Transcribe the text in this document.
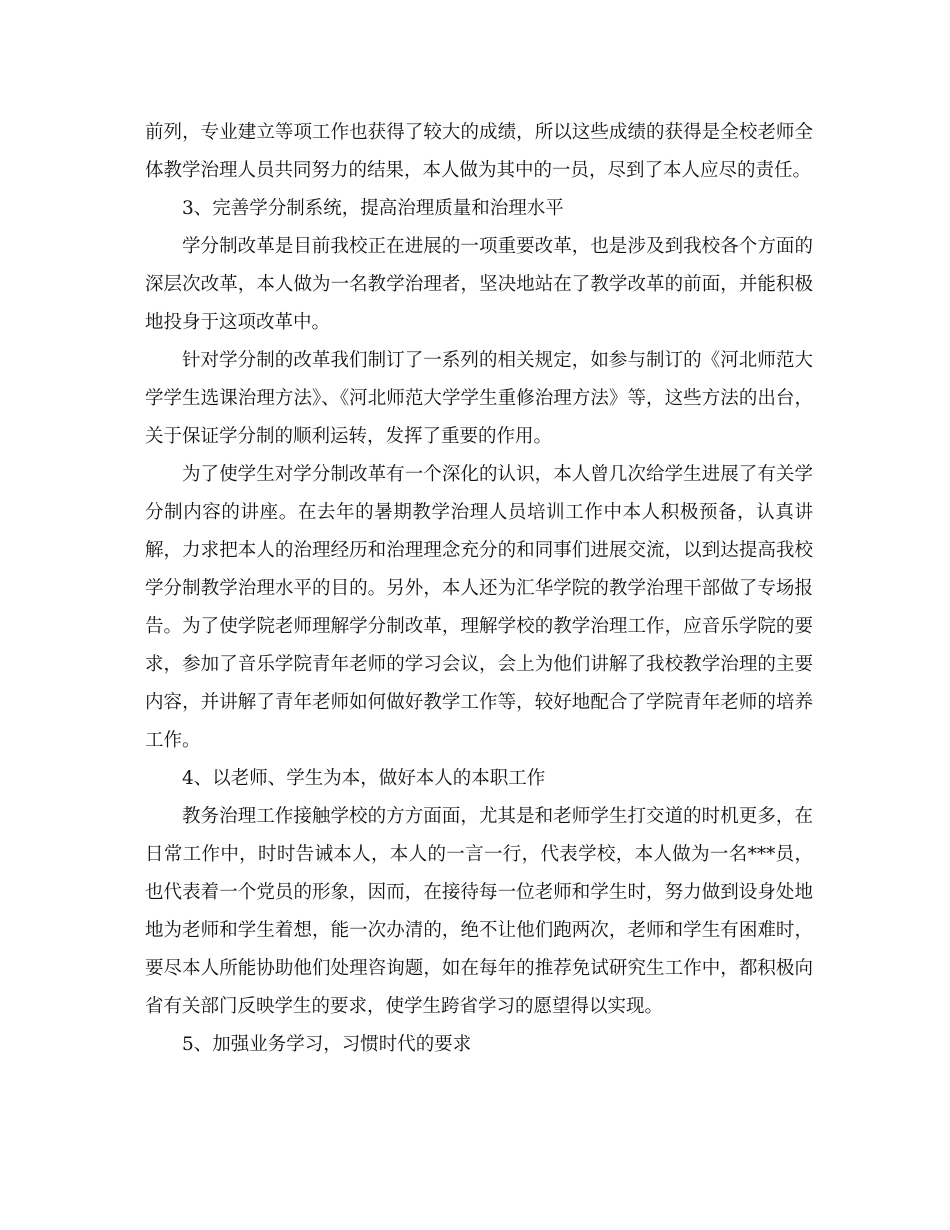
前列，专业建立等项工作也获得了较大的成绩，所以这些成绩的获得是全校老师全体教学治理人员共同努力的结果，本人做为其中的一员，尽到了本人应尽的责任。

3、完善学分制系统，提高治理质量和治理水平

学分制改革是目前我校正在进展的一项重要改革，也是涉及到我校各个方面的深层次改革，本人做为一名教学治理者，坚决地站在了教学改革的前面，并能积极地投身于这项改革中。

针对学分制的改革我们制订了一系列的相关规定，如参与制订的《河北师范大学学生选课治理方法》、《河北师范大学学生重修治理方法》等，这些方法的出台，关于保证学分制的顺利运转，发挥了重要的作用。

为了使学生对学分制改革有一个深化的认识，本人曾几次给学生进展了有关学分制内容的讲座。在去年的暑期教学治理人员培训工作中本人积极预备，认真讲解，力求把本人的治理经历和治理理念充分的和同事们进展交流，以到达提高我校学分制教学治理水平的目的。另外，本人还为汇华学院的教学治理干部做了专场报告。为了使学院老师理解学分制改革，理解学校的教学治理工作，应音乐学院的要求，参加了音乐学院青年老师的学习会议，会上为他们讲解了我校教学治理的主要内容，并讲解了青年老师如何做好教学工作等，较好地配合了学院青年老师的培养工作。

4、以老师、学生为本，做好本人的本职工作

教务治理工作接触学校的方方面面，尤其是和老师学生打交道的时机更多，在日常工作中，时时告诫本人，本人的一言一行，代表学校，本人做为一名***员，也代表着一个党员的形象，因而，在接待每一位老师和学生时，努力做到设身处地地为老师和学生着想，能一次办清的，绝不让他们跑两次，老师和学生有困难时，要尽本人所能协助他们处理咨询题，如在每年的推荐免试研究生工作中，都积极向省有关部门反映学生的要求，使学生跨省学习的愿望得以实现。

5、加强业务学习，习惯时代的要求
